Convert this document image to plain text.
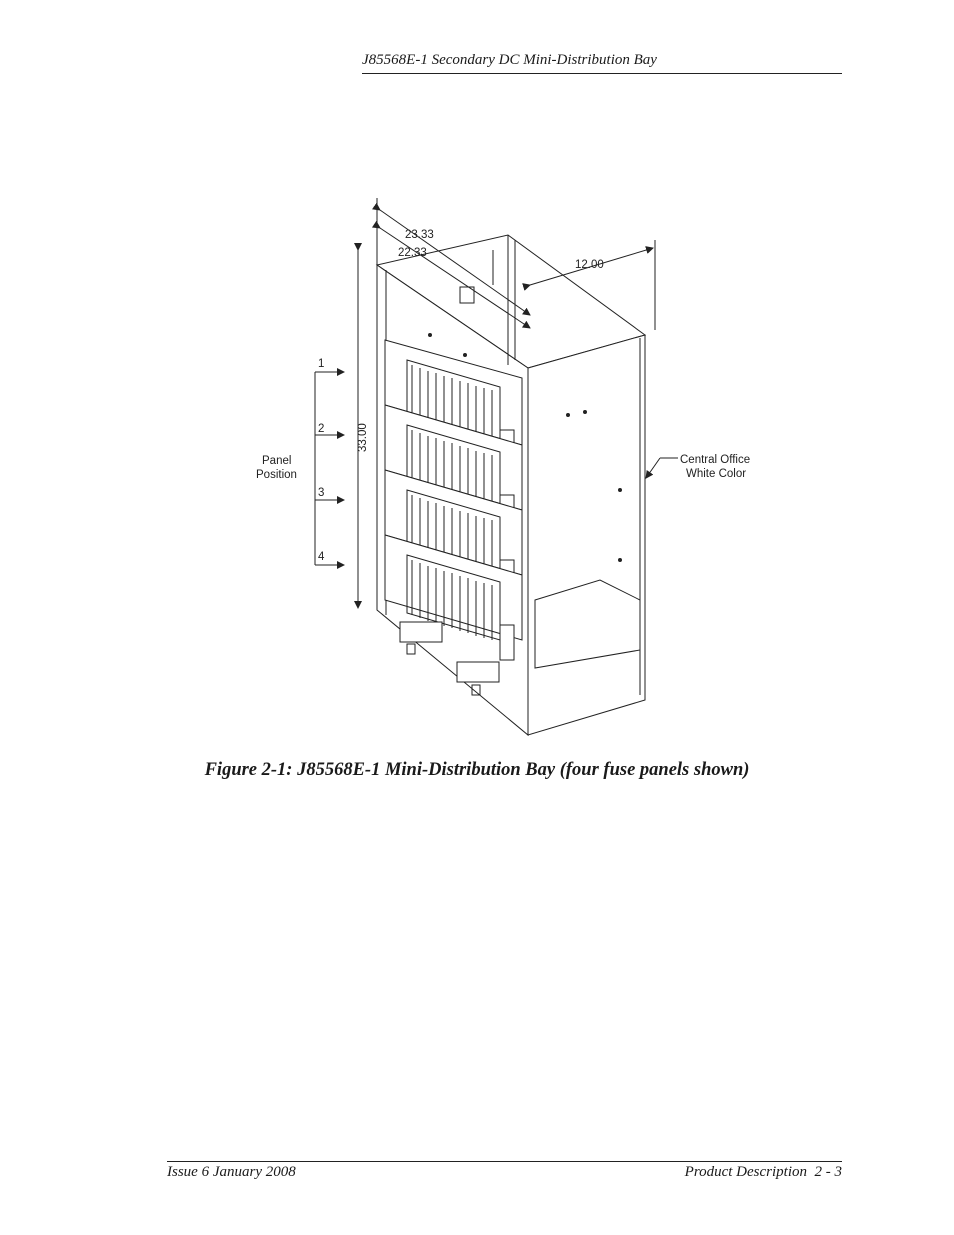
J85568E-1 Secondary DC Mini-Distribution Bay
23.33
22.33
12.00
33.00
1
2
3
4
Panel
Position
Central Office
White Color
Figure 2-1: J85568E-1 Mini-Distribution Bay (four fuse panels shown)
Issue 6 January 2008	Product Description  2 - 3
